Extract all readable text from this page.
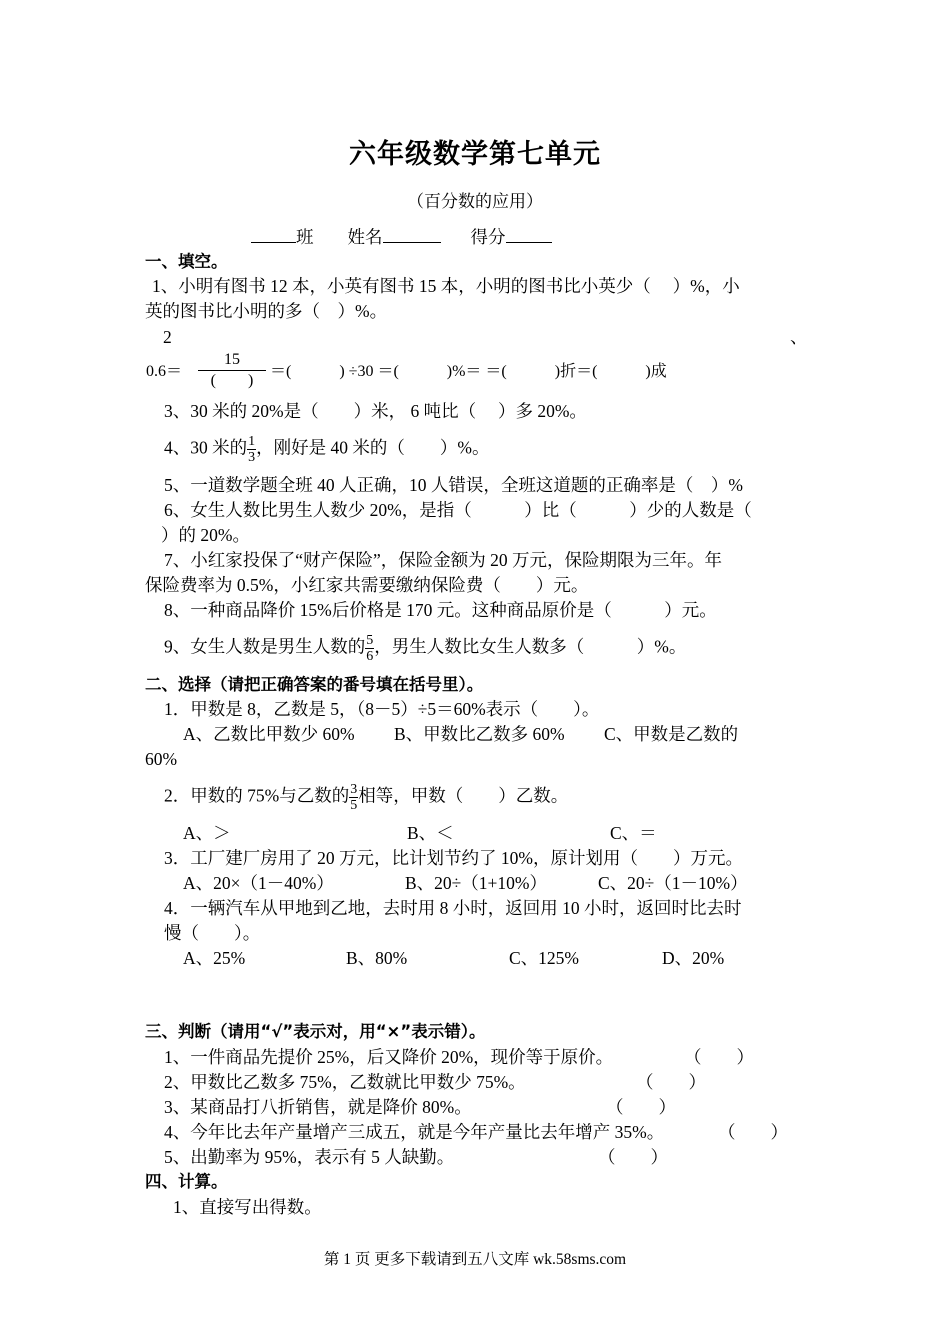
六年级数学第七单元
（百分数的应用）
班 姓名	得分
一、填空。
1、小明有图书 12 本，小英有图书 15 本，小明的图书比小英少（　 ）%，小
英的图书比小明的多（　）%。
2	、
0.6＝
15
(　　)
＝(　　　) ÷30 ＝(　　　)%＝ ＝(　　　)折＝(　　　)成
3、30 米的 20%是（　　）米， 6 吨比（　 ）多 20%。
4、30 米的 $\frac{1}{3}$ ，刚好是 40 米的（　　）%。
5、一道数学题全班 40 人正确，10 人错误，全班这道题的正确率是（　）%
6、女生人数比男生人数少 20%，是指（　　　）比（　　　）少的人数是（
）的 20%。
7、小红家投保了“财产保险”，保险金额为 20 万元，保险期限为三年。年
保险费率为 0.5%，小红家共需要缴纳保险费（　　）元。
8、一种商品降价 15%后价格是 170 元。这种商品原价是（　　　）元。
9、女生人数是男生人数的 $\frac{5}{6}$ ，男生人数比女生人数多（　　　）%。
二、选择（请把正确答案的番号填在括号里）。
1．甲数是 8，乙数是 5，（8－5）÷5＝60%表示（　　）。
A、乙数比甲数少 60%　　 B、甲数比乙数多 60%　　 C、甲数是乙数的
60%
2．甲数的 75%与乙数的 $\frac{3}{5}$ 相等，甲数（　　）乙数。
A、＞	B、＜	C、＝
3．工厂建厂房用了 20 万元，比计划节约了 10%，原计划用（　　）万元。
A、20×（1－40%）	B、20÷（1+10%）	C、20÷（1－10%）
4．一辆汽车从甲地到乙地，去时用 8 小时，返回用 10 小时，返回时比去时
慢（　　）。
A、25%	B、80%	C、125%	D、20%
三、判断（请用“√”表示对，用“×”表示错）。
1、一件商品先提价 25%，后又降价 20%，现价等于原价。	（　　）
2、甲数比乙数多 75%，乙数就比甲数少 75%。	（　　）
3、某商品打八折销售，就是降价 80%。	（　　）
4、今年比去年产量增产三成五，就是今年产量比去年增产 35%。	（　　）
5、出勤率为 95%，表示有 5 人缺勤。	（　　）
四、计算。
1、直接写出得数。
第 1 页 更多下载请到五八文库 wk.58sms.com
